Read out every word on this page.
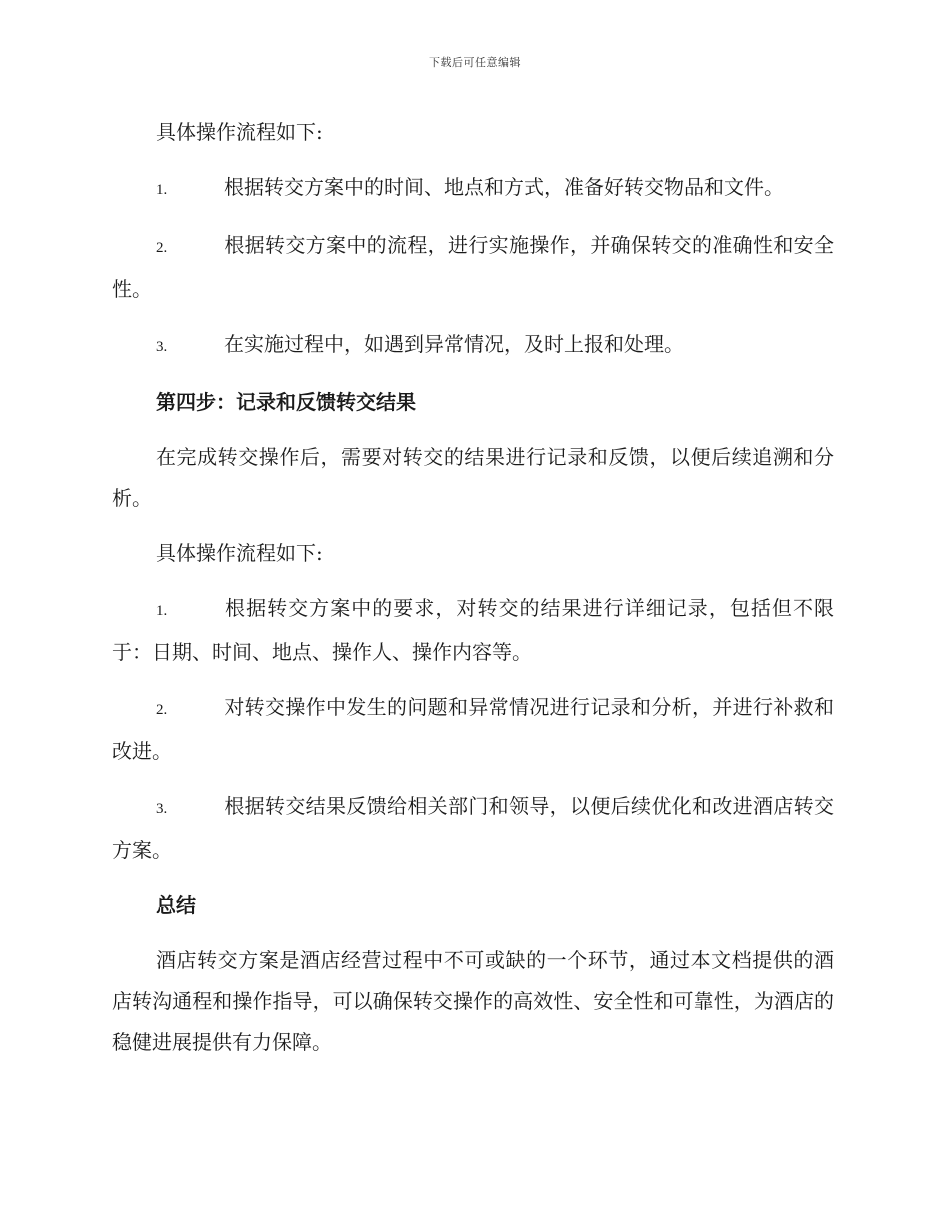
下载后可任意编辑

具体操作流程如下:

1.	根据转交方案中的时间、地点和方式，准备好转交物品和文件。

2.	根据转交方案中的流程，进行实施操作，并确保转交的准确性和安全性。

3.	在实施过程中，如遇到异常情况，及时上报和处理。

第四步：记录和反馈转交结果

在完成转交操作后，需要对转交的结果进行记录和反馈，以便后续追溯和分析。

具体操作流程如下:

1.	根据转交方案中的要求，对转交的结果进行详细记录，包括但不限于：日期、时间、地点、操作人、操作内容等。

2.	对转交操作中发生的问题和异常情况进行记录和分析，并进行补救和改进。

3.	根据转交结果反馈给相关部门和领导，以便后续优化和改进酒店转交方案。

总结

酒店转交方案是酒店经营过程中不可或缺的一个环节，通过本文档提供的酒店转沟通程和操作指导，可以确保转交操作的高效性、安全性和可靠性，为酒店的稳健进展提供有力保障。
